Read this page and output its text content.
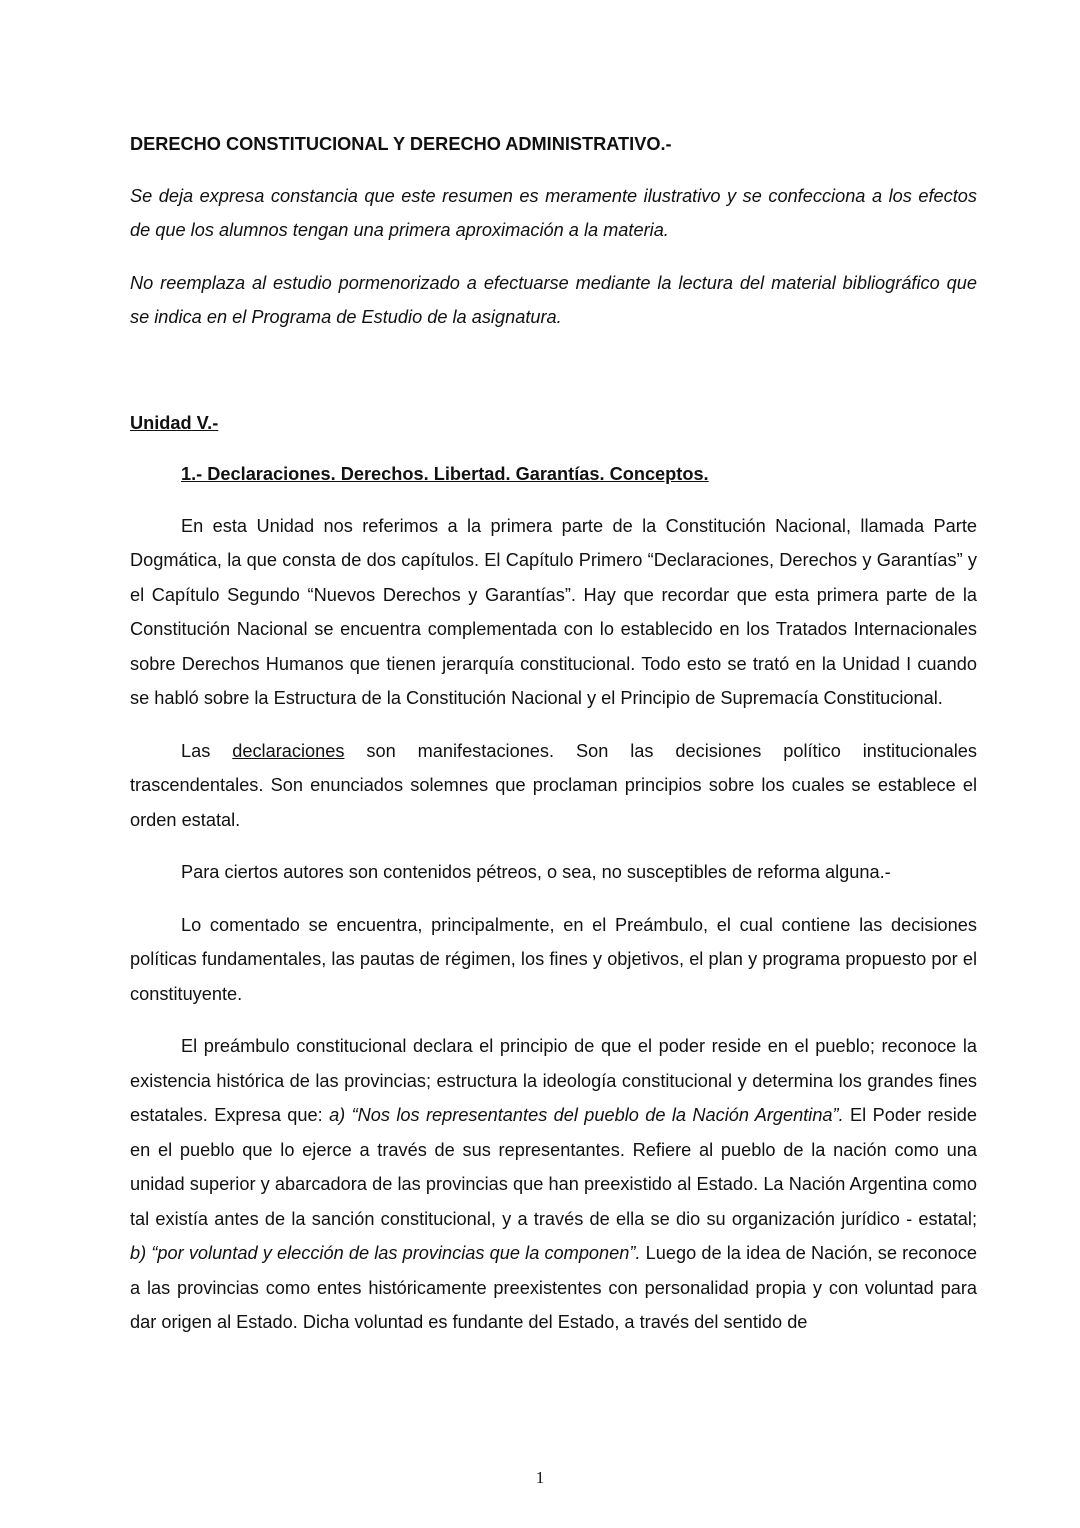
DERECHO CONSTITUCIONAL Y DERECHO ADMINISTRATIVO.-

Se deja expresa constancia que este resumen es meramente ilustrativo y se confecciona a los efectos de que los alumnos tengan una primera aproximación a la materia.

No reemplaza al estudio pormenorizado a efectuarse mediante la lectura del material bibliográfico que se indica en el Programa de Estudio de la asignatura.

Unidad V.-

1.- Declaraciones. Derechos. Libertad. Garantías. Conceptos.

En esta Unidad nos referimos a la primera parte de la Constitución Nacional, llamada Parte Dogmática, la que consta de dos capítulos. El Capítulo Primero “Declaraciones, Derechos y Garantías” y el Capítulo Segundo “Nuevos Derechos y Garantías”. Hay que recordar que esta primera parte de la Constitución Nacional se encuentra complementada con lo establecido en los Tratados Internacionales sobre Derechos Humanos que tienen jerarquía constitucional. Todo esto se trató en la Unidad I cuando se habló sobre la Estructura de la Constitución Nacional y el Principio de Supremacía Constitucional.

Las declaraciones son manifestaciones. Son las decisiones político institucionales trascendentales. Son enunciados solemnes que proclaman principios sobre los cuales se establece el orden estatal.

Para ciertos autores son contenidos pétreos, o sea, no susceptibles de reforma alguna.-

Lo comentado se encuentra, principalmente, en el Preámbulo, el cual contiene las decisiones políticas fundamentales, las pautas de régimen, los fines y objetivos, el plan y programa propuesto por el constituyente.

El preámbulo constitucional declara el principio de que el poder reside en el pueblo; reconoce la existencia histórica de las provincias; estructura la ideología constitucional y determina los grandes fines estatales. Expresa que: a) “Nos los representantes del pueblo de la Nación Argentina”. El Poder reside en el pueblo que lo ejerce a través de sus representantes. Refiere al pueblo de la nación como una unidad superior y abarcadora de las provincias que han preexistido al Estado. La Nación Argentina como tal existía antes de la sanción constitucional, y a través de ella se dio su organización jurídico - estatal; b) “por voluntad y elección de las provincias que la componen”. Luego de la idea de Nación, se reconoce a las provincias como entes históricamente preexistentes con personalidad propia y con voluntad para dar origen al Estado. Dicha voluntad es fundante del Estado, a través del sentido de

1
